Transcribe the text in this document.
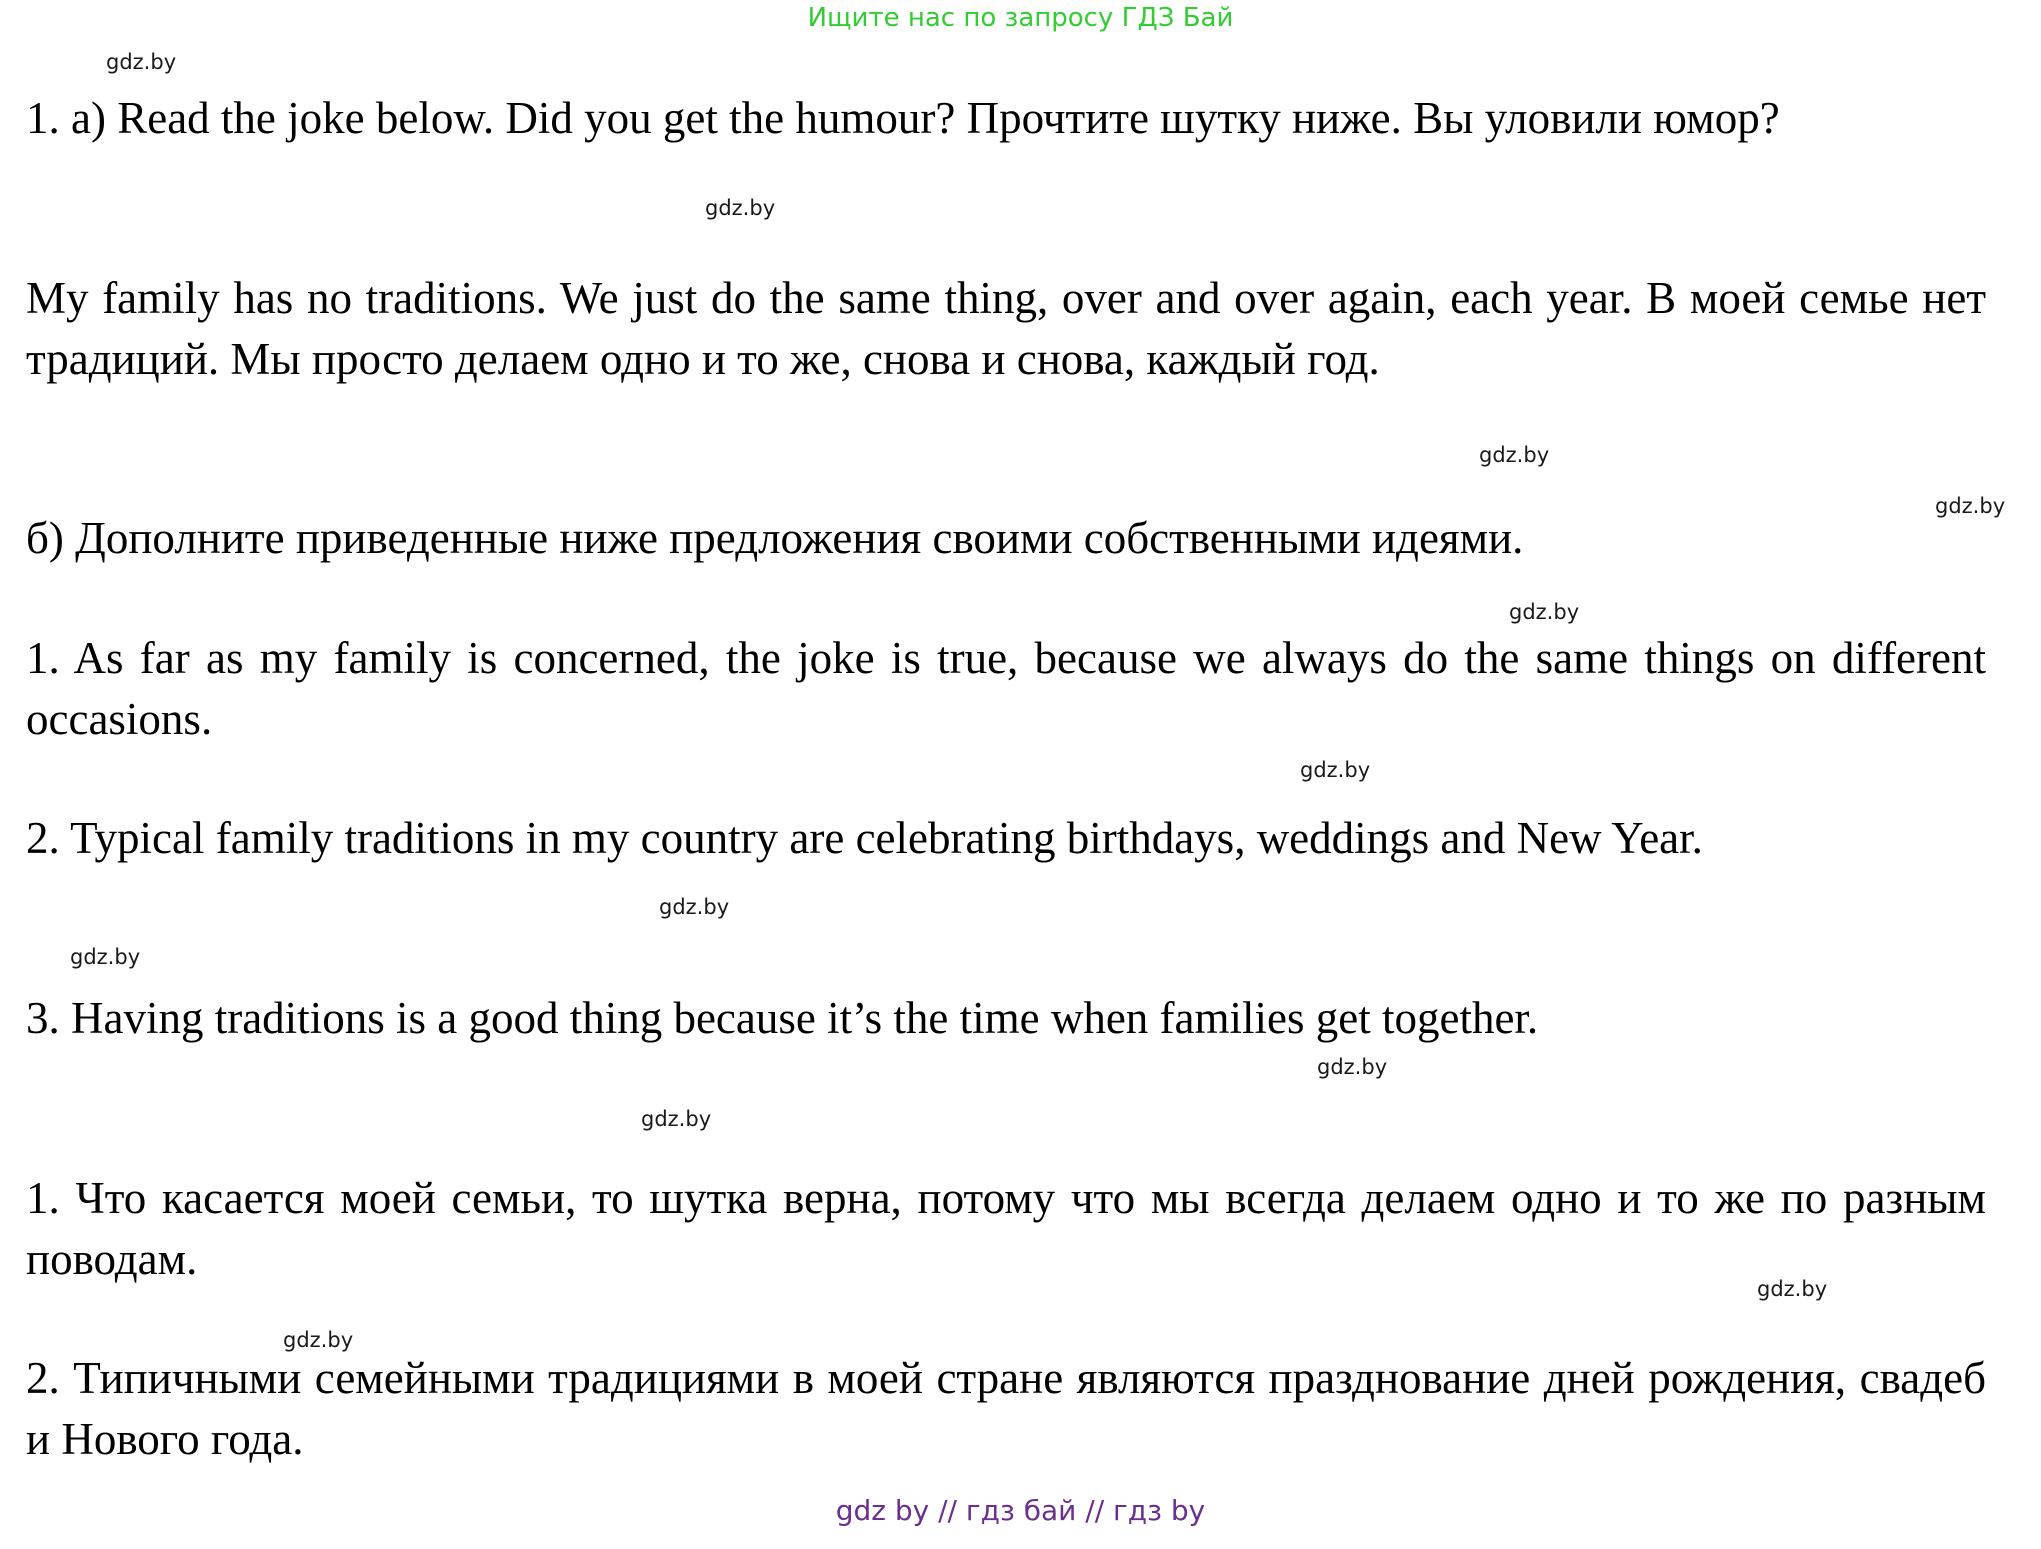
Ищите нас по запросу ГДЗ Бай

1. а) Read the joke below. Did you get the humour? Прочтите шутку ниже. Вы уловили юмор?

My family has no traditions. We just do the same thing, over and over again, each year. В моей семье нет традиций. Мы просто делаем одно и то же, снова и снова, каждый год.

б) Дополните приведенные ниже предложения своими собственными идеями.

1. As far as my family is concerned, the joke is true, because we always do the same things on different occasions.

2. Typical family traditions in my country are celebrating birthdays, weddings and New Year.

3. Having traditions is a good thing because it’s the time when families get together.

1. Что касается моей семьи, то шутка верна, потому что мы всегда делаем одно и то же по разным поводам.

2. Типичными семейными традициями в моей стране являются празднование дней рождения, свадеб и Нового года.

gdz.by
gdz.by
gdz.by
gdz.by
gdz.by
gdz.by
gdz.by
gdz.by
gdz.by
gdz.by
gdz.by
gdz.by
gdz by // гдз бай // гдз by
